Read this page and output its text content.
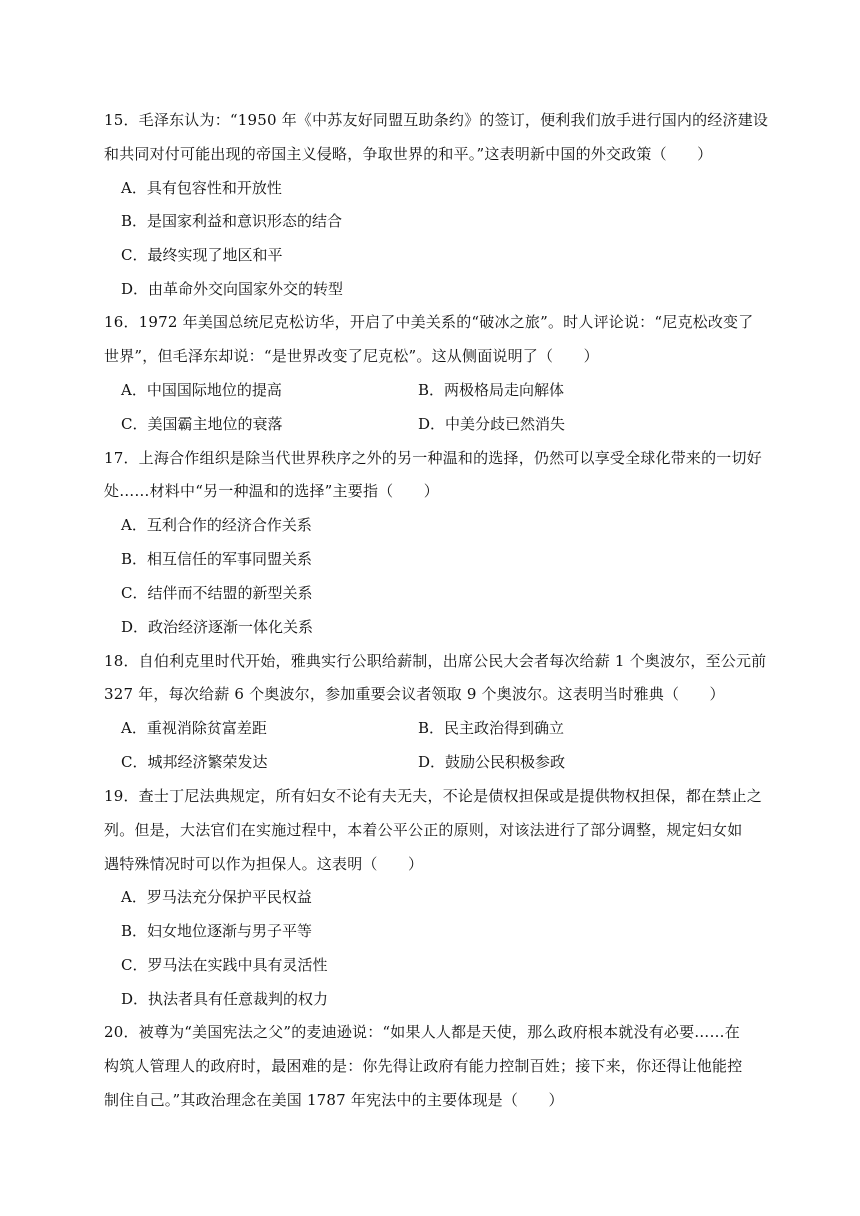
15．毛泽东认为：“1950 年《中苏友好同盟互助条约》的签订，便利我们放手进行国内的经济建设
和共同对付可能出现的帝国主义侵略，争取世界的和平。”这表明新中国的外交政策（　　）
A．具有包容性和开放性
B．是国家利益和意识形态的结合
C．最终实现了地区和平
D．由革命外交向国家外交的转型
16．1972 年美国总统尼克松访华，开启了中美关系的“破冰之旅”。时人评论说：“尼克松改变了
世界”，但毛泽东却说：“是世界改变了尼克松”。这从侧面说明了（　　）
A．中国国际地位的提高	B．两极格局走向解体
C．美国霸主地位的衰落	D．中美分歧已然消失
17．上海合作组织是除当代世界秩序之外的另一种温和的选择，仍然可以享受全球化带来的一切好
处……材料中“另一种温和的选择”主要指（　　）
A．互利合作的经济合作关系
B．相互信任的军事同盟关系
C．结伴而不结盟的新型关系
D．政治经济逐渐一体化关系
18．自伯利克里时代开始，雅典实行公职给薪制，出席公民大会者每次给薪 1 个奥波尔，至公元前
327 年，每次给薪 6 个奥波尔，参加重要会议者领取 9 个奥波尔。这表明当时雅典（　　）
A．重视消除贫富差距	B．民主政治得到确立
C．城邦经济繁荣发达	D．鼓励公民积极参政
19．查士丁尼法典规定，所有妇女不论有夫无夫，不论是债权担保或是提供物权担保，都在禁止之
列。但是，大法官们在实施过程中，本着公平公正的原则，对该法进行了部分调整，规定妇女如
遇特殊情况时可以作为担保人。这表明（　　）
A．罗马法充分保护平民权益
B．妇女地位逐渐与男子平等
C．罗马法在实践中具有灵活性
D．执法者具有任意裁判的权力
20．被尊为“美国宪法之父”的麦迪逊说：“如果人人都是天使，那么政府根本就没有必要……在
构筑人管理人的政府时，最困难的是：你先得让政府有能力控制百姓；接下来，你还得让他能控
制住自己。”其政治理念在美国 1787 年宪法中的主要体现是（　　）
